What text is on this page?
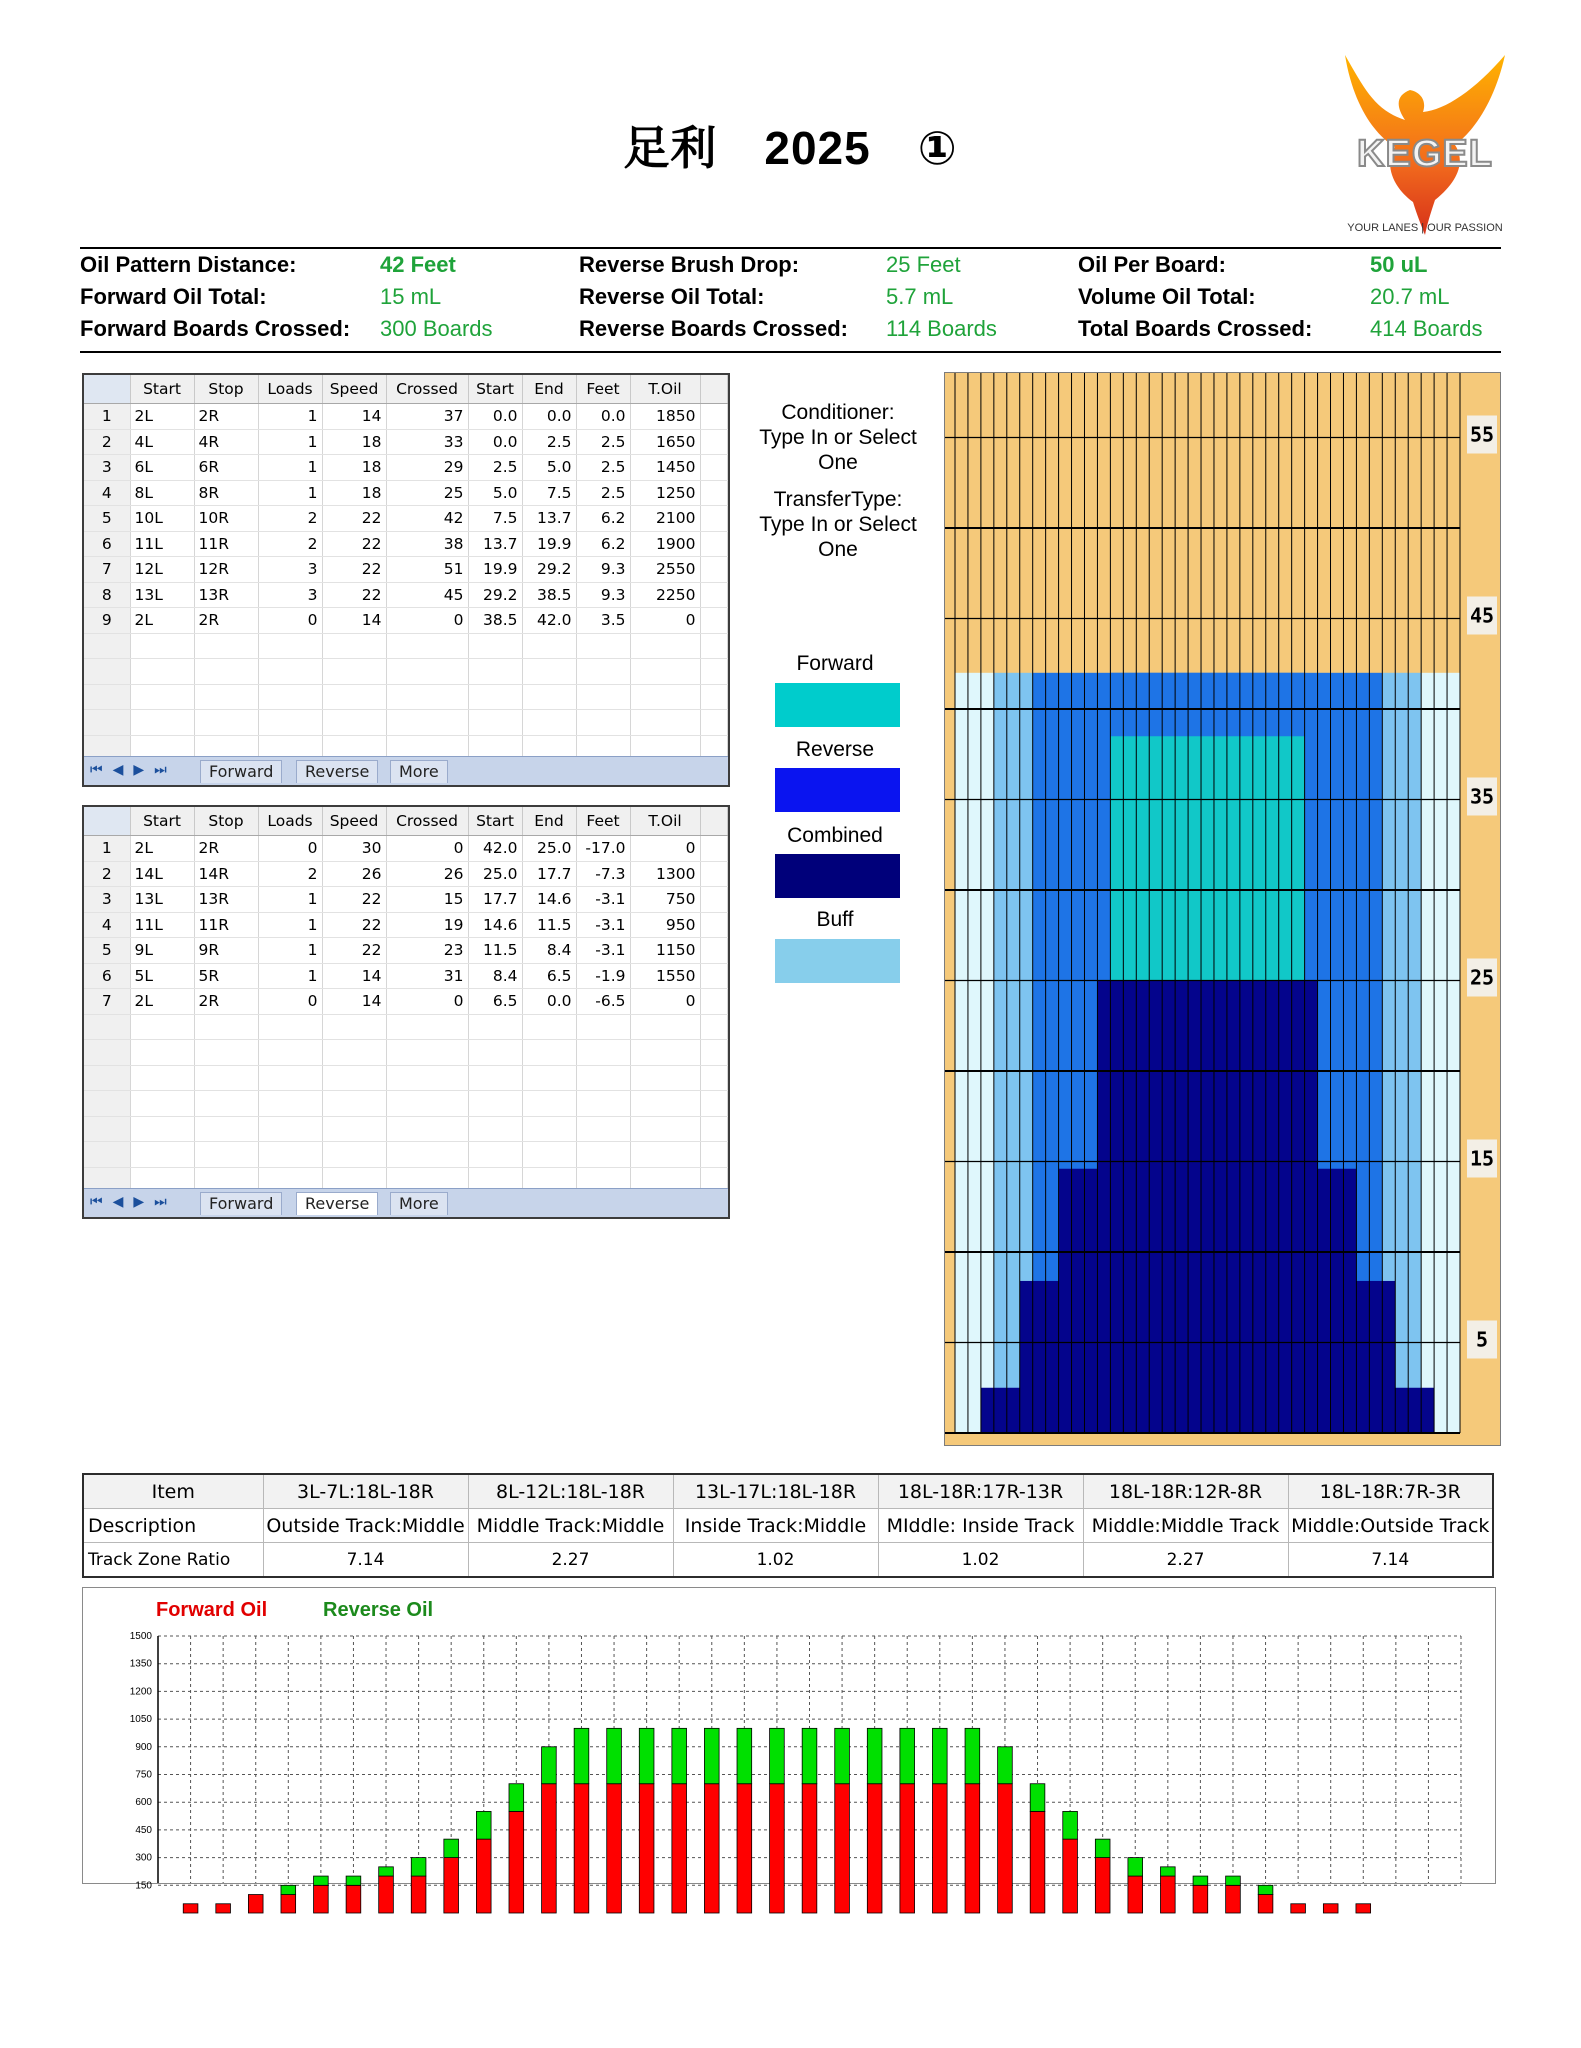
足利　2025　①	KEGEL
YOUR LANES | OUR PASSION
Oil Pattern Distance:	42 Feet	Reverse Brush Drop:	25 Feet	Oil Per Board:	50 uL
Forward Oil Total:	15 mL	Reverse Oil Total:	5.7 mL	Volume Oil Total:	20.7 mL
Forward Boards Crossed: 300 Boards	Reverse Boards Crossed: 114 Boards	Total Boards Crossed:	414 Boards
	Start	Stop	Loads	Speed	Crossed	Start	End	Feet	T.Oil	
1	2L	2R	1	14	37	0.0	0.0	0.0	1850	
2	4L	4R	1	18	33	0.0	2.5	2.5	1650	
3	6L	6R	1	18	29	2.5	5.0	2.5	1450	
4	8L	8R	1	18	25	5.0	7.5	2.5	1250	
5	10L	10R	2	22	42	7.5	13.7	6.2	2100	
6	11L	11R	2	22	38	13.7	19.9	6.2	1900	
7	12L	12R	3	22	51	19.9	29.2	9.3	2550	
8	13L	13R	3	22	45	29.2	38.5	9.3	2250	
9	2L	2R	0	14	0	38.5	42.0	3.5	0	

⏮◀▶⏭	Forward	Reverse	More
	Start	Stop	Loads	Speed	Crossed	Start	End	Feet	T.Oil	
1	2L	2R	0	30	0	42.0	25.0	-17.0	0	
2	14L	14R	2	26	26	25.0	17.7	-7.3	1300	
3	13L	13R	1	22	15	17.7	14.6	-3.1	750	
4	11L	11R	1	22	19	14.6	11.5	-3.1	950	
5	9L	9R	1	22	23	11.5	8.4	-3.1	1150	
6	5L	5R	1	14	31	8.4	6.5	-1.9	1550	
7	2L	2R	0	14	0	6.5	0.0	-6.5	0	

⏮◀▶⏭	Forward	Reverse	More
Conditioner:
Type In or Select
One
TransferType:
Type In or Select
One
Forward
Reverse
Combined
Buff
55
45
35
25
15
5
Item	3L-7L:18L-18R	8L-12L:18L-18R	13L-17L:18L-18R	18L-18R:17R-13R	18L-18R:12R-8R	18L-18R:7R-3R
Description	Outside Track:Middle	Middle Track:Middle	Inside Track:Middle	MIddle: Inside Track	Middle:Middle Track	Middle:Outside Track
Track Zone Ratio	7.14	2.27	1.02	1.02	2.27	7.14
Forward Oil	Reverse Oil
150
300
450
600
750
900
1050
1200
1350
1500
